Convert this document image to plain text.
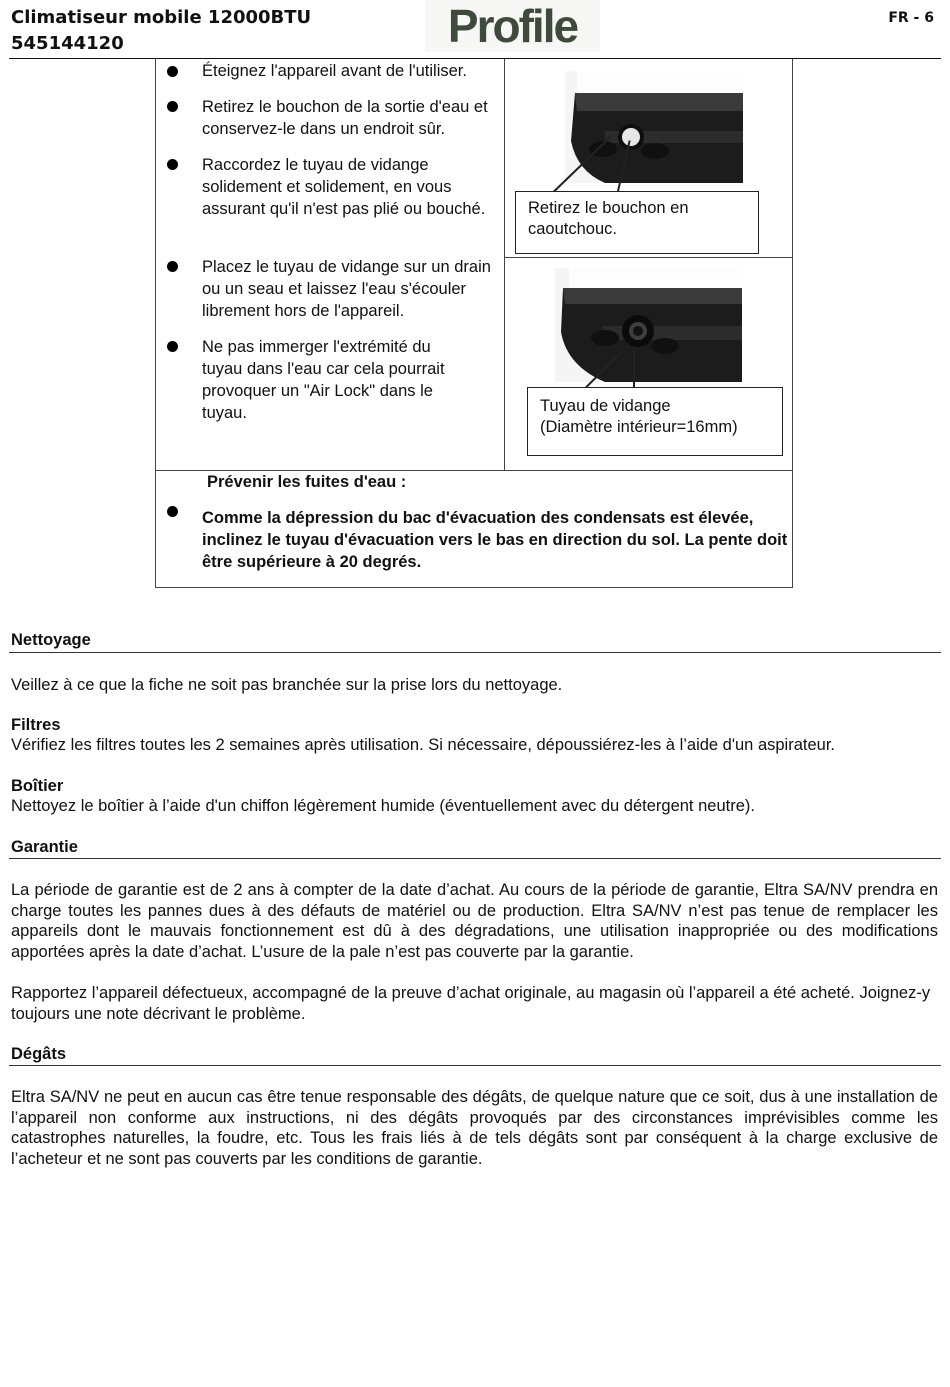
Climatiseur mobile 12000BTU
545144120	Profile	FR - 6
Éteignez l'appareil avant de l'utiliser.
Retirez le bouchon de la sortie d'eau et conservez-le dans un endroit sûr.
Raccordez le tuyau de vidange solidement et solidement, en vous assurant qu'il n'est pas plié ou bouché.
Placez le tuyau de vidange sur un drain ou un seau et laissez l'eau s'écouler librement hors de l'appareil.
Ne pas immerger l'extrémité du tuyau dans l'eau car cela pourrait provoquer un "Air Lock" dans le tuyau.
Retirez le bouchon en caoutchouc.
Tuyau de vidange
(Diamètre intérieur=16mm)
Prévenir les fuites d'eau :
Comme la dépression du bac d'évacuation des condensats est élevée, inclinez le tuyau d'évacuation vers le bas en direction du sol. La pente doit être supérieure à 20 degrés.
Nettoyage
Veillez à ce que la fiche ne soit pas branchée sur la prise lors du nettoyage.
Filtres
Vérifiez les filtres toutes les 2 semaines après utilisation. Si nécessaire, dépoussiérez-les à l’aide d'un aspirateur.
Boîtier
Nettoyez le boîtier à l’aide d'un chiffon légèrement humide (éventuellement avec du détergent neutre).
Garantie
La période de garantie est de 2 ans à compter de la date d’achat. Au cours de la période de garantie, Eltra SA/NV prendra en charge toutes les pannes dues à des défauts de matériel ou de production. Eltra SA/NV n’est pas tenue de remplacer les appareils dont le mauvais fonctionnement est dû à des dégradations, une utilisation inappropriée ou des modifications apportées après la date d’achat. L’usure de la pale n’est pas couverte par la garantie.
Rapportez l’appareil défectueux, accompagné de la preuve d’achat originale, au magasin où l’appareil a été acheté. Joignez-y toujours une note décrivant le problème.
Dégâts
Eltra SA/NV ne peut en aucun cas être tenue responsable des dégâts, de quelque nature que ce soit, dus à une installation de l’appareil non conforme aux instructions, ni des dégâts provoqués par des circonstances imprévisibles comme les catastrophes naturelles, la foudre, etc. Tous les frais liés à de tels dégâts sont par conséquent à la charge exclusive de l’acheteur et ne sont pas couverts par les conditions de garantie.
